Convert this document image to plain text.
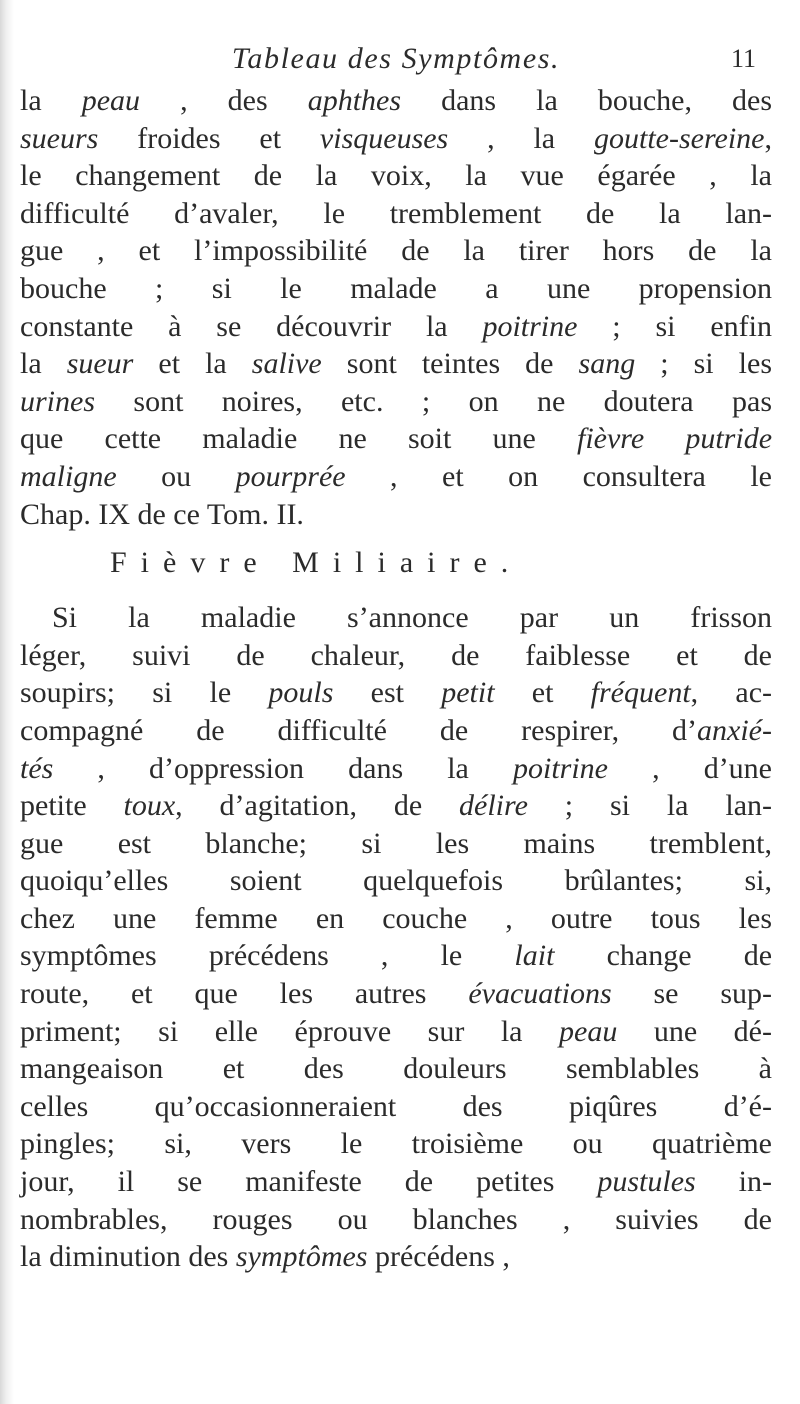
Tableau des Symptômes.	11
la peau , des aphthes dans la bouche, des
sueurs froides et visqueuses , la goutte-sereine,
le changement de la voix, la vue égarée , la
difficulté d’avaler, le tremblement de la lan-
gue , et l’impossibilité de la tirer hors de la
bouche ; si le malade a une propension
constante à se découvrir la poitrine ; si enfin
la sueur et la salive sont teintes de sang ; si les
urines sont noires, etc. ; on ne doutera pas
que cette maladie ne soit une fièvre putride
maligne ou pourprée , et on consultera le
Chap. IX de ce Tom. II.
Fièvre Miliaire.
Si la maladie s’annonce par un frisson
léger, suivi de chaleur, de faiblesse et de
soupirs; si le pouls est petit et fréquent, ac-
compagné de difficulté de respirer, d’anxié-
tés , d’oppression dans la poitrine , d’une
petite toux, d’agitation, de délire ; si la lan-
gue est blanche; si les mains tremblent,
quoiqu’elles soient quelquefois brûlantes; si,
chez une femme en couche , outre tous les
symptômes précédens , le lait change de
route, et que les autres évacuations se sup-
priment; si elle éprouve sur la peau une dé-
mangeaison et des douleurs semblables à
celles qu’occasionneraient des piqûres d’é-
pingles; si, vers le troisième ou quatrième
jour, il se manifeste de petites pustules in-
nombrables, rouges ou blanches , suivies de
la diminution des symptômes précédens ,
